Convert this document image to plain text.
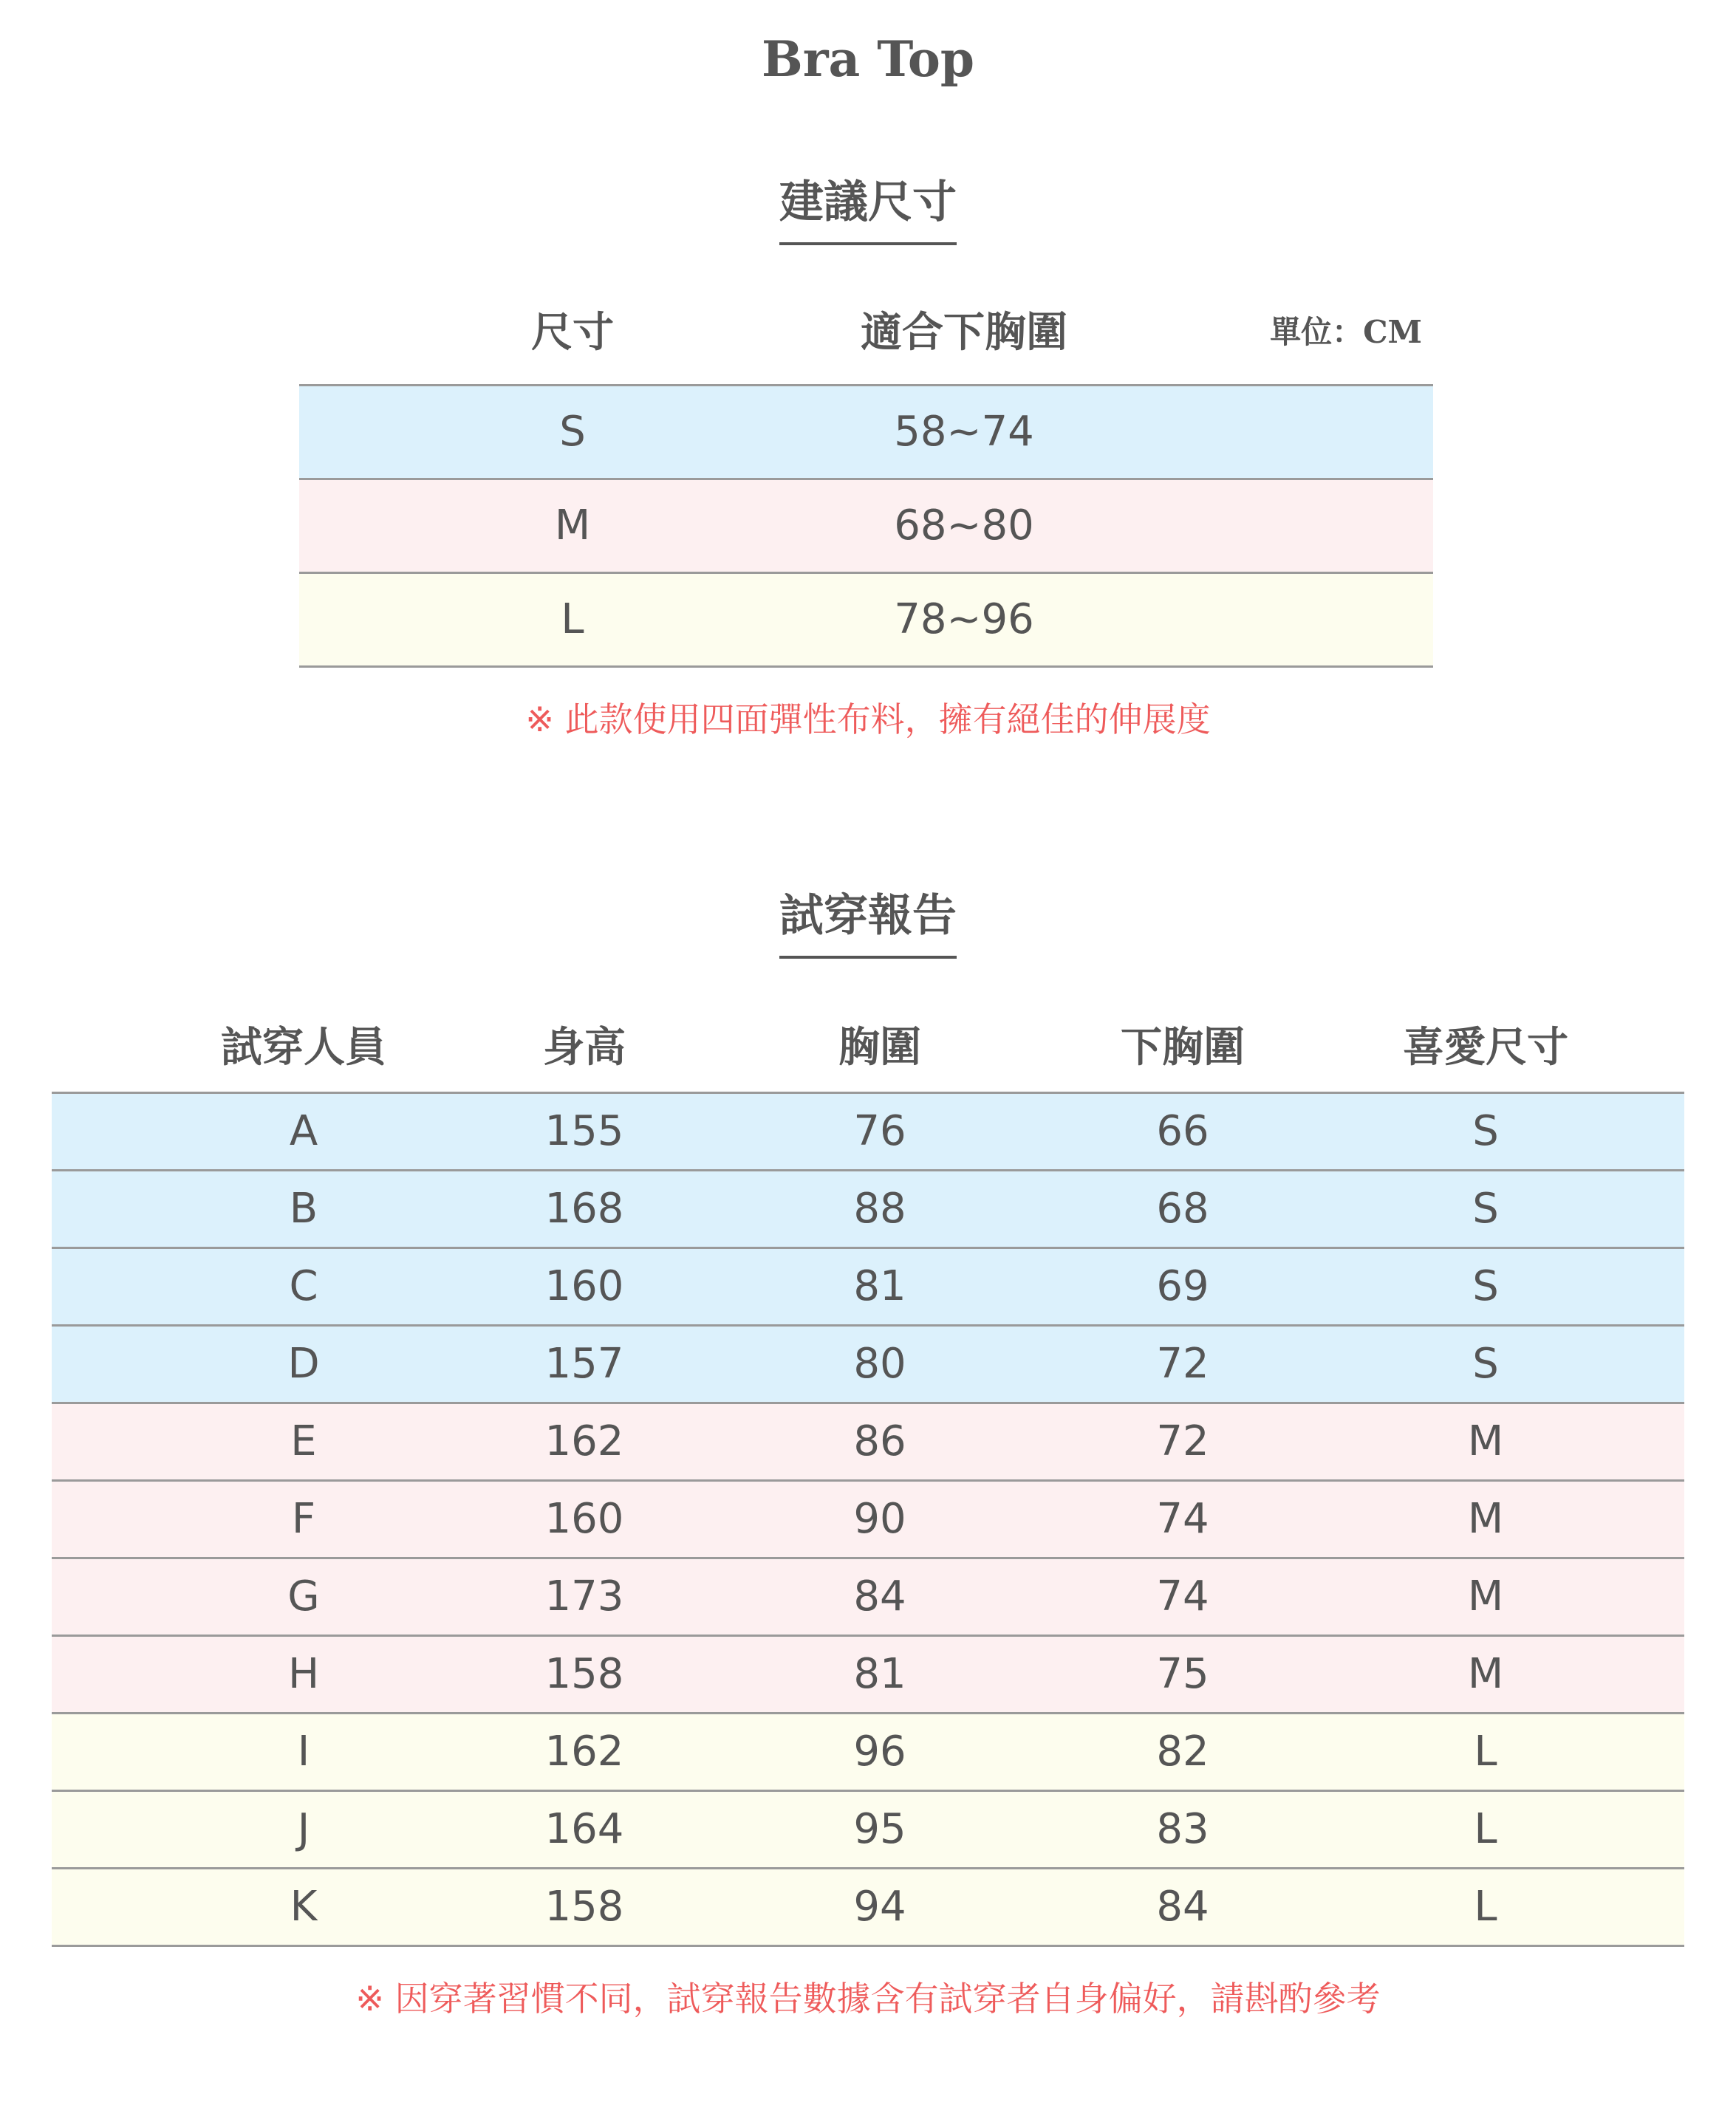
Bra Top
建議尺寸
尺寸	適合下胸圍	單位：CM
S	58~74
M	68~80
L	78~96
※ 此款使用四面彈性布料，擁有絕佳的伸展度
試穿報告
試穿人員	身高	胸圍	下胸圍	喜愛尺寸
A	155	76	66	S
B	168	88	68	S
C	160	81	69	S
D	157	80	72	S
E	162	86	72	M
F	160	90	74	M
G	173	84	74	M
H	158	81	75	M
I	162	96	82	L
J	164	95	83	L
K	158	94	84	L
※ 因穿著習慣不同，試穿報告數據含有試穿者自身偏好，請斟酌參考
